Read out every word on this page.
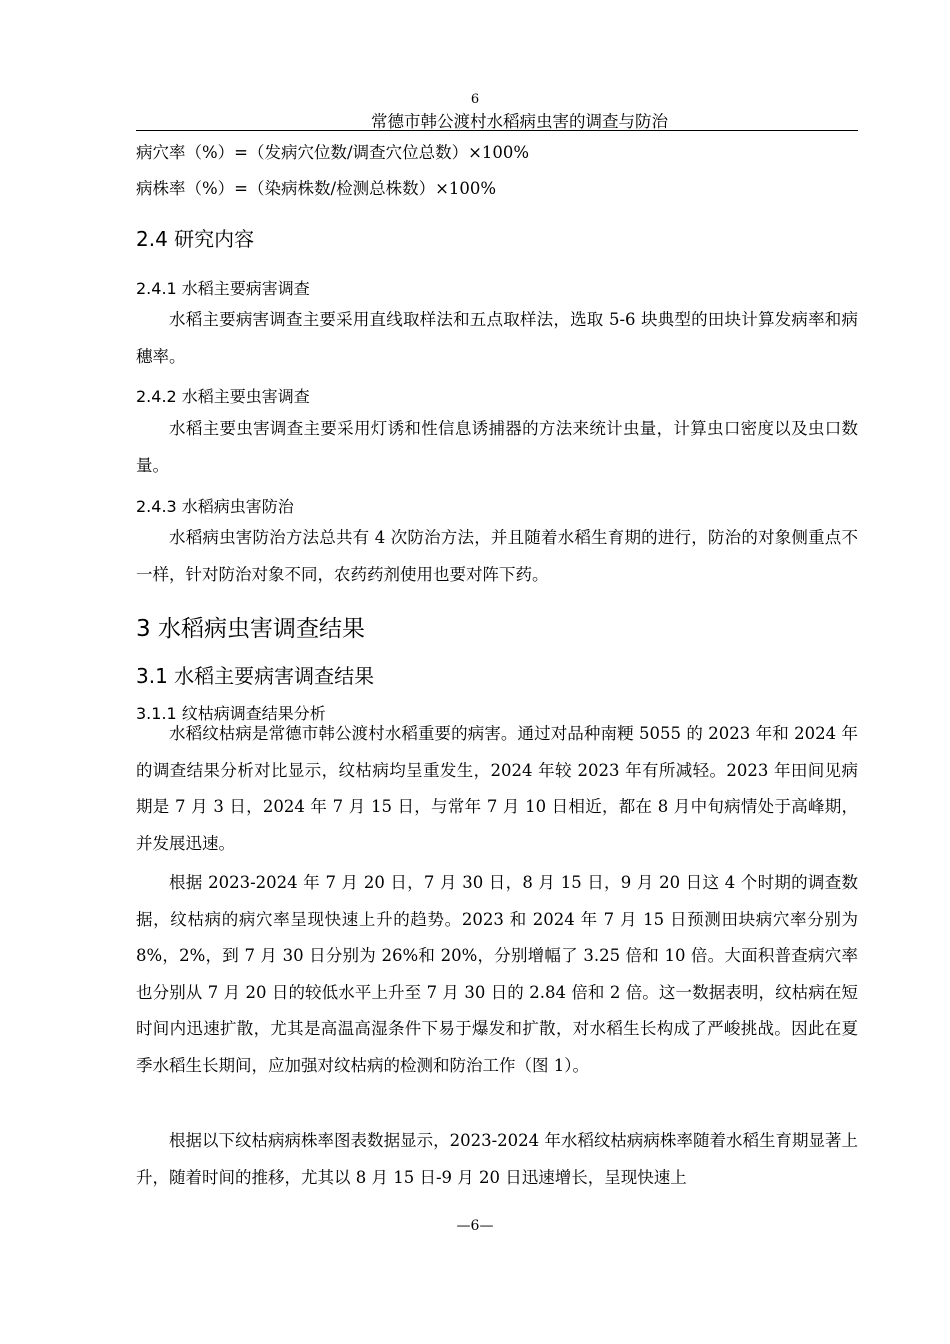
6
常德市韩公渡村水稻病虫害的调查与防治
病穴率（%）=（发病穴位数/调查穴位总数）×100%
病株率（%）=（染病株数/检测总株数）×100%
2.4 研究内容
2.4.1 水稻主要病害调查
水稻主要病害调查主要采用直线取样法和五点取样法，选取 5-6 块典型的田块计算发病率和病穗率。
2.4.2 水稻主要虫害调查
水稻主要虫害调查主要采用灯诱和性信息诱捕器的方法来统计虫量，计算虫口密度以及虫口数量。
2.4.3 水稻病虫害防治
水稻病虫害防治方法总共有 4 次防治方法，并且随着水稻生育期的进行，防治的对象侧重点不一样，针对防治对象不同，农药药剂使用也要对阵下药。
3 水稻病虫害调查结果
3.1 水稻主要病害调查结果
3.1.1 纹枯病调查结果分析
水稻纹枯病是常德市韩公渡村水稻重要的病害。通过对品种南粳 5055 的 2023 年和 2024 年的调查结果分析对比显示，纹枯病均呈重发生，2024 年较 2023 年有所减轻。2023 年田间见病期是 7 月 3 日，2024 年 7 月 15 日，与常年 7 月 10 日相近，都在 8 月中旬病情处于高峰期，并发展迅速。
根据 2023-2024 年 7 月 20 日，7 月 30 日，8 月 15 日，9 月 20 日这 4 个时期的调查数据，纹枯病的病穴率呈现快速上升的趋势。2023 和 2024 年 7 月 15 日预测田块病穴率分别为 8%，2%，到 7 月 30 日分别为 26%和 20%，分别增幅了 3.25 倍和 10 倍。大面积普查病穴率也分别从 7 月 20 日的较低水平上升至 7 月 30 日的 2.84 倍和 2 倍。这一数据表明，纹枯病在短时间内迅速扩散，尤其是高温高湿条件下易于爆发和扩散，对水稻生长构成了严峻挑战。因此在夏季水稻生长期间，应加强对纹枯病的检测和防治工作（图 1）。
根据以下纹枯病病株率图表数据显示，2023-2024 年水稻纹枯病病株率随着水稻生育期显著上升，随着时间的推移，尤其以 8 月 15 日-9 月 20 日迅速增长，呈现快速上
—6—
